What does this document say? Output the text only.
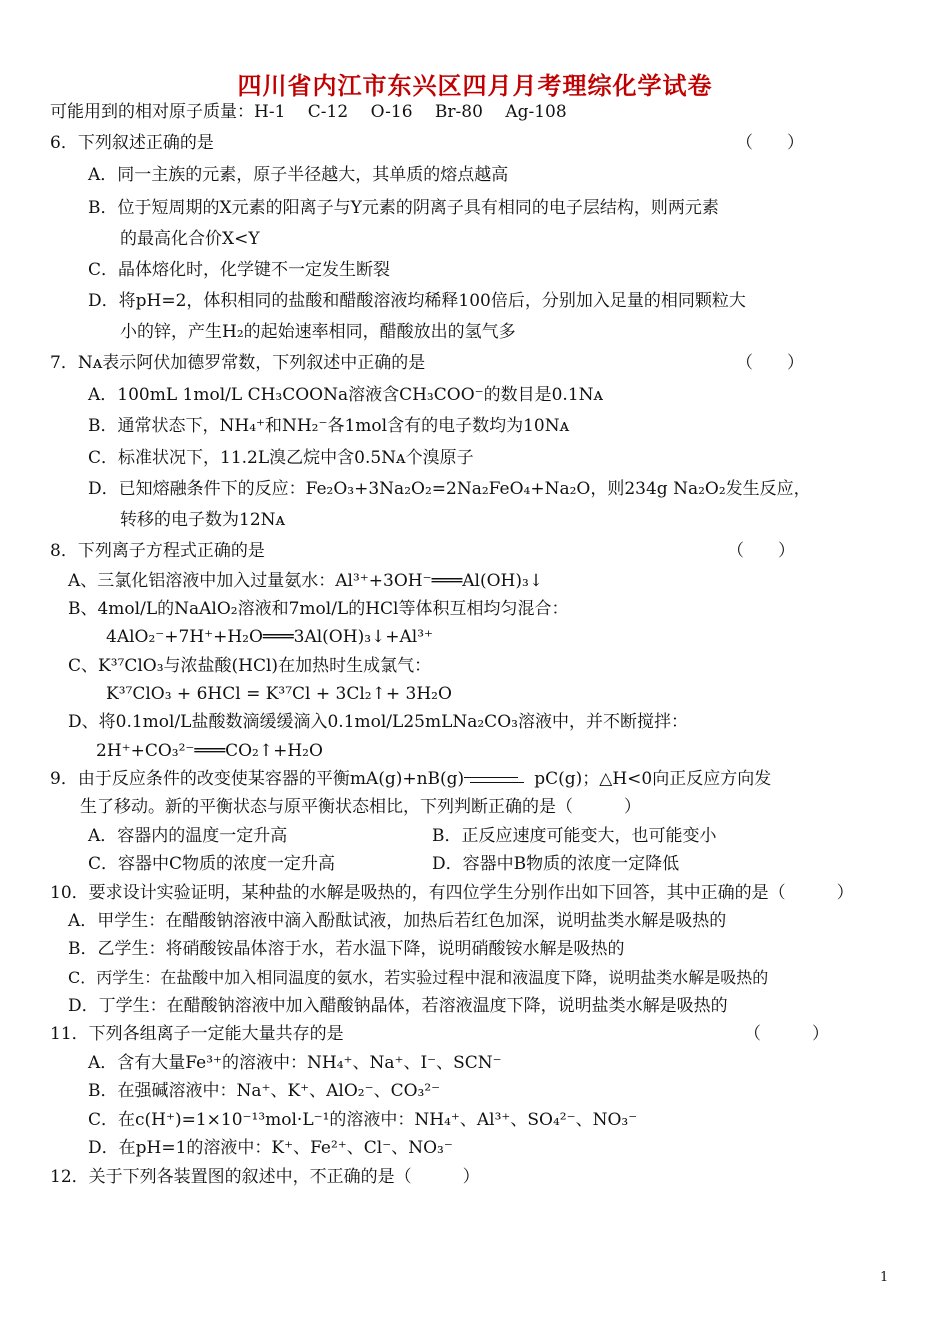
四川省内江市东兴区四月月考理综化学试卷
可能用到的相对原子质量：H-1　 C-12　 O-16　 Br-80　 Ag-108
6．下列叙述正确的是	（　　）
A．同一主族的元素，原子半径越大，其单质的熔点越高
B．位于短周期的X元素的阳离子与Y元素的阴离子具有相同的电子层结构，则两元素
的最高化合价X<Y
C．晶体熔化时，化学键不一定发生断裂
D．将pH=2，体积相同的盐酸和醋酸溶液均稀释100倍后，分别加入足量的相同颗粒大
小的锌，产生H₂的起始速率相同，醋酸放出的氢气多
7．Nᴀ表示阿伏加德罗常数，下列叙述中正确的是	（　　）
A．100mL 1mol/L CH₃COONa溶液含CH₃COO⁻的数目是0.1Nᴀ
B．通常状态下，NH₄⁺和NH₂⁻各1mol含有的电子数均为10Nᴀ
C．标准状况下，11.2L溴乙烷中含0.5Nᴀ个溴原子
D．已知熔融条件下的反应：Fe₂O₃+3Na₂O₂=2Na₂FeO₄+Na₂O，则234g Na₂O₂发生反应，
转移的电子数为12Nᴀ
8．下列离子方程式正确的是	（　　）
A、三氯化铝溶液中加入过量氨水：Al³⁺+3OH⁻═══Al(OH)₃↓
B、4mol/L的NaAlO₂溶液和7mol/L的HCl等体积互相均匀混合：
4AlO₂⁻+7H⁺+H₂O═══3Al(OH)₃↓+Al³⁺
C、K³⁷ClO₃与浓盐酸(HCl)在加热时生成氯气：
K³⁷ClO₃ + 6HCl = K³⁷Cl + 3Cl₂↑+ 3H₂O
D、将0.1mol/L盐酸数滴缓缓滴入0.1mol/L25mLNa₂CO₃溶液中，并不断搅拌：
2H⁺+CO₃²⁻═══CO₂↑+H₂O
9．由于反应条件的改变使某容器的平衡mA(g)+nB(g)	pC(g)；△H<0向正反应方向发
生了移动。新的平衡状态与原平衡状态相比，下列判断正确的是（　　　）
A．容器内的温度一定升高	B．正反应速度可能变大，也可能变小
C．容器中C物质的浓度一定升高	D．容器中B物质的浓度一定降低
10．要求设计实验证明，某种盐的水解是吸热的，有四位学生分别作出如下回答，其中正确的是（　　　）
A．甲学生：在醋酸钠溶液中滴入酚酞试液，加热后若红色加深，说明盐类水解是吸热的
B．乙学生：将硝酸铵晶体溶于水，若水温下降，说明硝酸铵水解是吸热的
C．丙学生：在盐酸中加入相同温度的氨水，若实验过程中混和液温度下降，说明盐类水解是吸热的
D．丁学生：在醋酸钠溶液中加入醋酸钠晶体，若溶液温度下降，说明盐类水解是吸热的
11．下列各组离子一定能大量共存的是	（　　　）
A．含有大量Fe³⁺的溶液中：NH₄⁺、Na⁺、I⁻、SCN⁻
B．在强碱溶液中：Na⁺、K⁺、AlO₂⁻、CO₃²⁻
C．在c(H⁺)=1×10⁻¹³mol·L⁻¹的溶液中：NH₄⁺、Al³⁺、SO₄²⁻、NO₃⁻
D．在pH=1的溶液中：K⁺、Fe²⁺、Cl⁻、NO₃⁻
12．关于下列各装置图的叙述中，不正确的是（　　　）
1
